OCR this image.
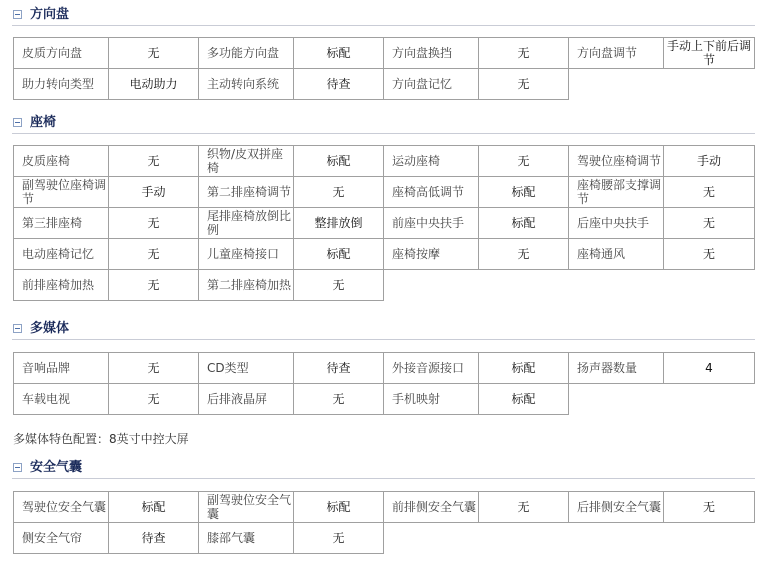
方向盘
皮质方向盘	无	多功能方向盘	标配	方向盘换挡	无	方向盘调节	手动上下前后调节
助力转向类型	电动助力	主动转向系统	待查	方向盘记忆	无		
座椅
皮质座椅	无	织物/皮双拼座椅	标配	运动座椅	无	驾驶位座椅调节	手动
副驾驶位座椅调节	手动	第二排座椅调节	无	座椅高低调节	标配	座椅腰部支撑调节	无
第三排座椅	无	尾排座椅放倒比例	整排放倒	前座中央扶手	标配	后座中央扶手	无
电动座椅记忆	无	儿童座椅接口	标配	座椅按摩	无	座椅通风	无
前排座椅加热	无	第二排座椅加热	无				
多媒体
音响品牌	无	CD类型	待查	外接音源接口	标配	扬声器数量	4
车载电视	无	后排液晶屏	无	手机映射	标配		
多媒体特色配置：8英寸中控大屏
安全气囊
驾驶位安全气囊	标配	副驾驶位安全气囊	标配	前排侧安全气囊	无	后排侧安全气囊	无
侧安全气帘	待查	膝部气囊	无				
